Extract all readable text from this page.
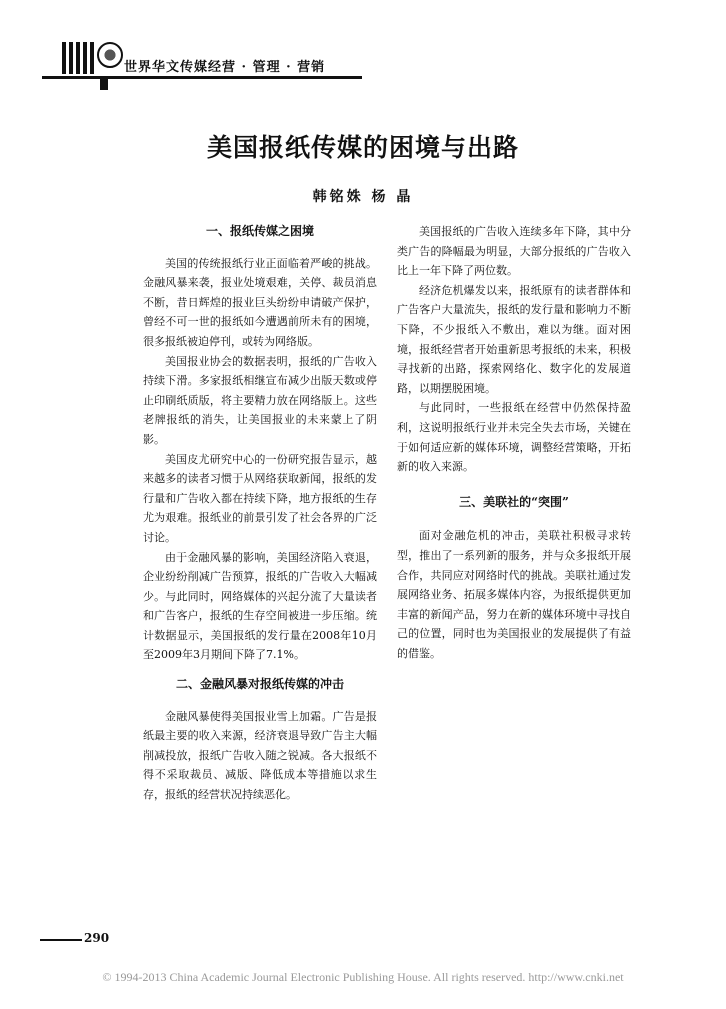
世界华文传媒经营 · 管理 · 营销
美国报纸传媒的困境与出路
韩铭姝 杨 晶

一、报纸传媒之困境

美国的传统报纸行业正面临着严峻的挑战。金融风暴来袭，报业处境艰难，关停、裁员消息不断，昔日辉煌的报业巨头纷纷申请破产保护，曾经不可一世的报纸如今遭遇前所未有的困境，很多报纸被迫停刊，或转为网络版。

美国报业协会的数据表明，报纸的广告收入持续下滑。多家报纸相继宣布减少出版天数或停止印刷纸质版，将主要精力放在网络版上。这些老牌报纸的消失，让美国报业的未来蒙上了阴影。

美国皮尤研究中心的一份研究报告显示，越来越多的读者习惯于从网络获取新闻，报纸的发行量和广告收入都在持续下降，地方报纸的生存尤为艰难。报纸业的前景引发了社会各界的广泛讨论。

由于金融风暴的影响，美国经济陷入衰退，企业纷纷削减广告预算，报纸的广告收入大幅减少。与此同时，网络媒体的兴起分流了大量读者和广告客户，报纸的生存空间被进一步压缩。统计数据显示，美国报纸的发行量在2008年10月至2009年3月期间下降了7.1%。

二、金融风暴对报纸传媒的冲击

金融风暴使得美国报业雪上加霜。广告是报纸最主要的收入来源，经济衰退导致广告主大幅削减投放，报纸广告收入随之锐减。各大报纸不得不采取裁员、减版、降低成本等措施以求生存，报纸的经营状况持续恶化。

美国报纸的广告收入连续多年下降，其中分类广告的降幅最为明显，大部分报纸的广告收入比上一年下降了两位数。

经济危机爆发以来，报纸原有的读者群体和广告客户大量流失，报纸的发行量和影响力不断下降，不少报纸入不敷出，难以为继。面对困境，报纸经营者开始重新思考报纸的未来，积极寻找新的出路，探索网络化、数字化的发展道路，以期摆脱困境。

与此同时，一些报纸在经营中仍然保持盈利，这说明报纸行业并未完全失去市场，关键在于如何适应新的媒体环境，调整经营策略，开拓新的收入来源。

三、美联社的“突围”

面对金融危机的冲击，美联社积极寻求转型，推出了一系列新的服务，并与众多报纸开展合作，共同应对网络时代的挑战。美联社通过发展网络业务、拓展多媒体内容，为报纸提供更加丰富的新闻产品，努力在新的媒体环境中寻找自己的位置，同时也为美国报业的发展提供了有益的借鉴。

290
© 1994-2013 China Academic Journal Electronic Publishing House. All rights reserved. http://www.cnki.net
